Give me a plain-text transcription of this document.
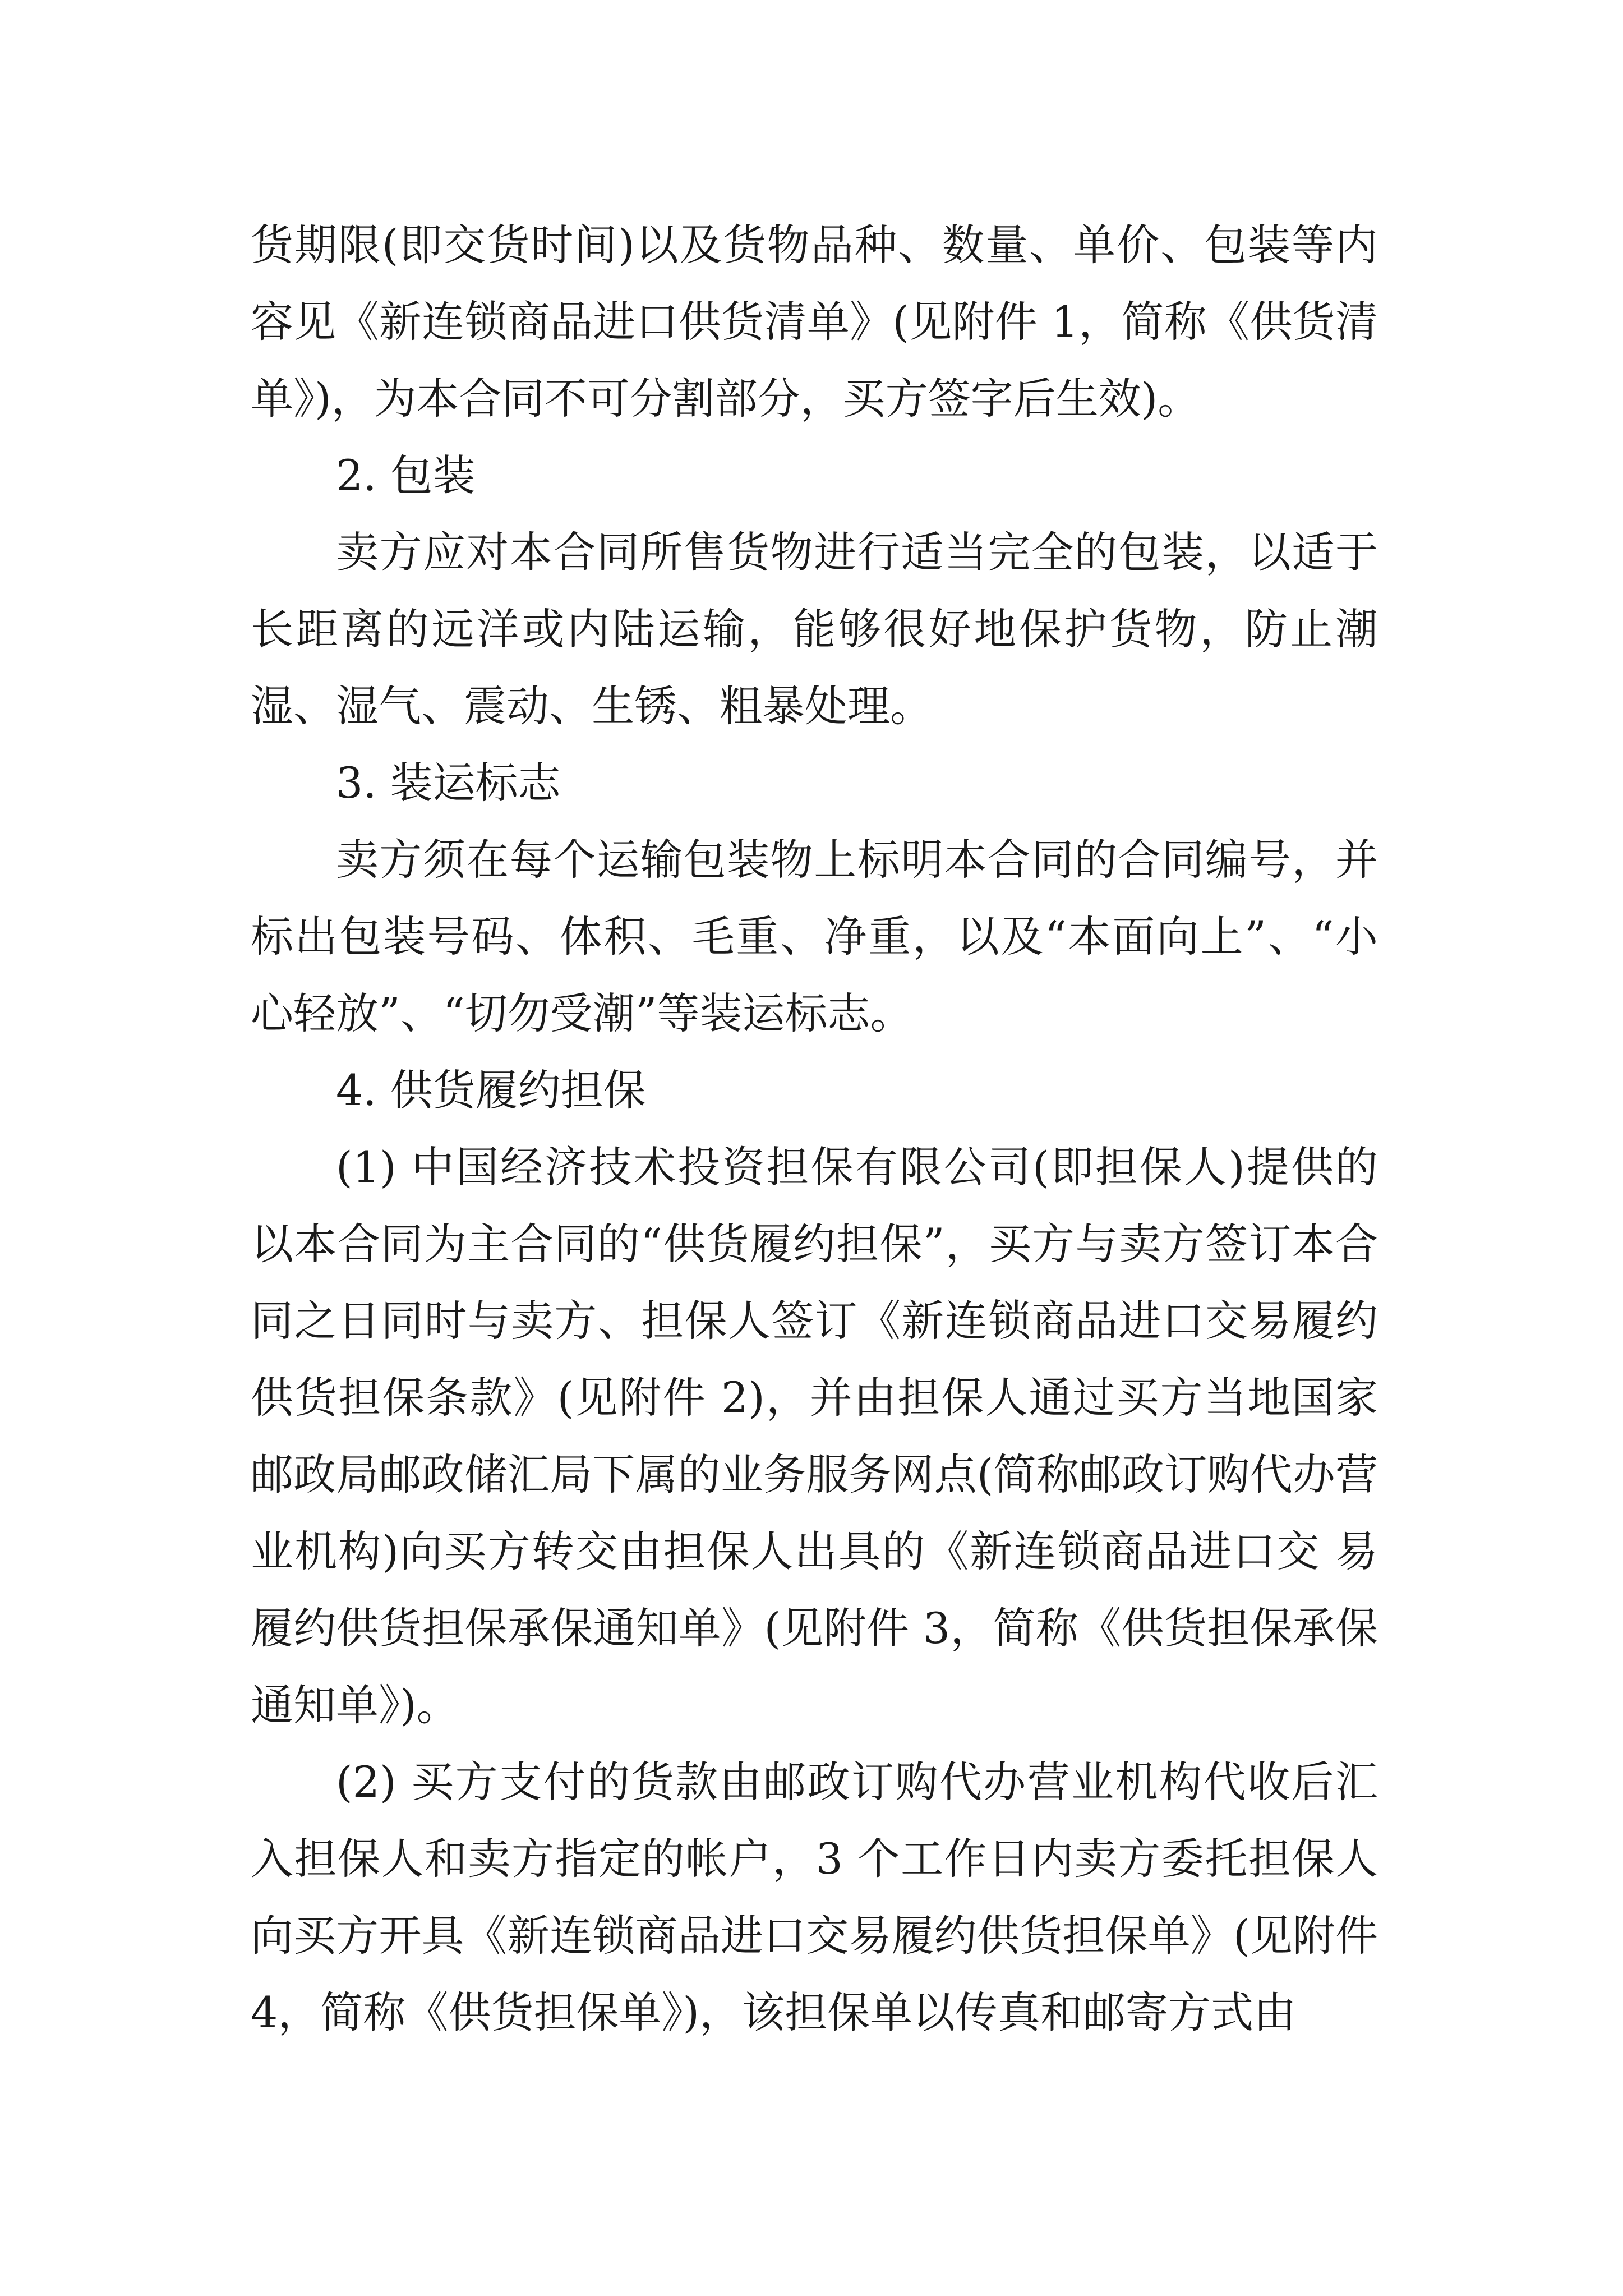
货期限(即交货时间)以及货物品种、数量、单价、包装等内容见《新连锁商品进口供货清单》(见附件 1，简称《供货清单》)，为本合同不可分割部分，买方签字后生效)。

2. 包装

卖方应对本合同所售货物进行适当完全的包装，以适于长距离的远洋或内陆运输，能够很好地保护货物，防止潮湿、湿气、震动、生锈、粗暴处理。

3. 装运标志

卖方须在每个运输包装物上标明本合同的合同编号，并标出包装号码、体积、毛重、净重，以及“本面向上”、“小心轻放”、“切勿受潮”等装运标志。

4. 供货履约担保

(1) 中国经济技术投资担保有限公司(即担保人)提供的以本合同为主合同的“供货履约担保”，买方与卖方签订本合同之日同时与卖方、担保人签订《新连锁商品进口交易履约供货担保条款》(见附件 2)，并由担保人通过买方当地国家邮政局邮政储汇局下属的业务服务网点(简称邮政订购代办营业机构)向买方转交由担保人出具的《新连锁商品进口交 易履约供货担保承保通知单》(见附件 3，简称《供货担保承保通知单》)。

(2) 买方支付的货款由邮政订购代办营业机构代收后汇入担保人和卖方指定的帐户，3 个工作日内卖方委托担保人向买方开具《新连锁商品进口交易履约供货担保单》(见附件 4，简称《供货担保单》)，该担保单以传真和邮寄方式由
